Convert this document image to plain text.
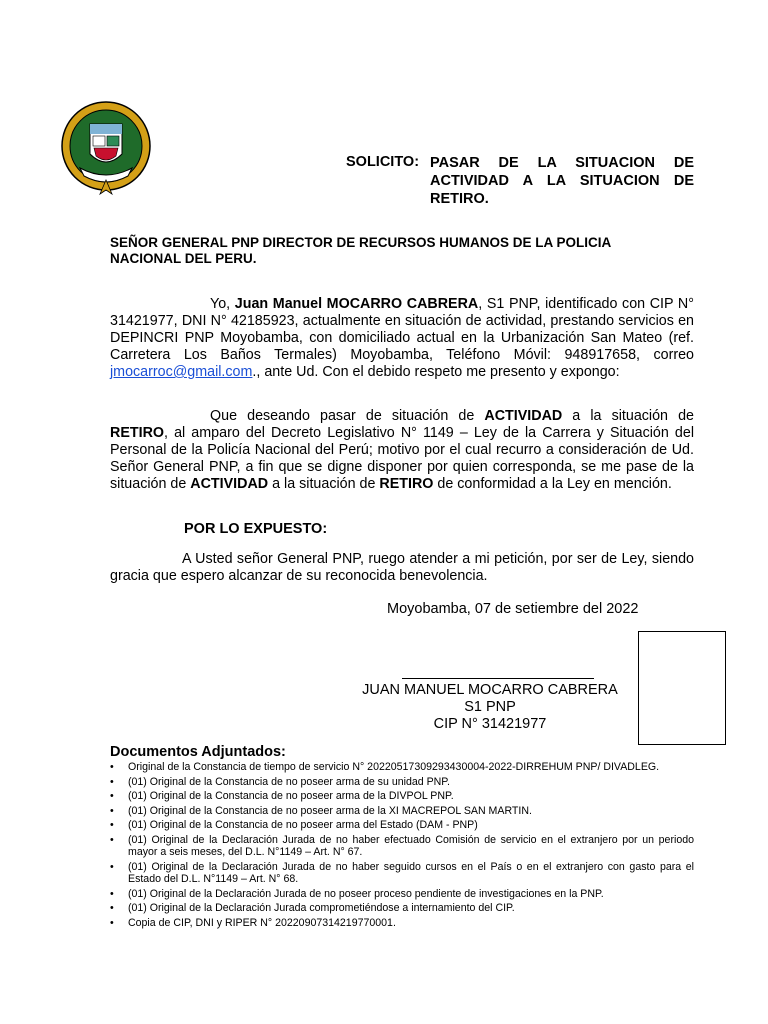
SOLICITO: PASAR DE LA SITUACION DE ACTIVIDAD A LA SITUACION DE RETIRO.
SEÑOR GENERAL PNP DIRECTOR DE RECURSOS HUMANOS DE LA POLICIA NACIONAL DEL PERU.
Yo, Juan Manuel MOCARRO CABRERA, S1 PNP, identificado con CIP N° 31421977, DNI N° 42185923, actualmente en situación de actividad, prestando servicios en DEPINCRI PNP Moyobamba, con domiciliado actual en la Urbanización San Mateo (ref. Carretera Los Baños Termales) Moyobamba, Teléfono Móvil: 948917658, correo jmocarroc@gmail.com., ante Ud. Con el debido respeto me presento y expongo:
Que deseando pasar de situación de ACTIVIDAD a la situación de RETIRO, al amparo del Decreto Legislativo N° 1149 – Ley de la Carrera y Situación del Personal de la Policía Nacional del Perú; motivo por el cual recurro a consideración de Ud. Señor General PNP, a fin que se digne disponer por quien corresponda, se me pase de la situación de ACTIVIDAD a la situación de RETIRO de conformidad a la Ley en mención.
POR LO EXPUESTO:
A Usted señor General PNP, ruego atender a mi petición, por ser de Ley, siendo gracia que espero alcanzar de su reconocida benevolencia.
Moyobamba, 07 de setiembre del 2022
JUAN MANUEL MOCARRO CABRERA
S1 PNP
CIP N° 31421977
Documentos Adjuntados:
• Original de la Constancia de tiempo de servicio N° 20220517309293430004-2022-DIRREHUM PNP/ DIVADLEG.
• (01) Original de la Constancia de no poseer arma de su unidad PNP.
• (01) Original de la Constancia de no poseer arma de la DIVPOL PNP.
• (01) Original de la Constancia de no poseer arma de la XI MACREPOL SAN MARTIN.
• (01) Original de la Constancia de no poseer arma del Estado (DAM - PNP)
• (01) Original de la Declaración Jurada de no haber efectuado Comisión de servicio en el extranjero por un periodo mayor a seis meses, del D.L. N°1149 – Art. N° 67.
• (01) Original de la Declaración Jurada de no haber seguido cursos en el País o en el extranjero con gasto para el Estado del D.L. N°1149 – Art. N° 68.
• (01) Original de la Declaración Jurada de no poseer proceso pendiente de investigaciones en la PNP.
• (01) Original de la Declaración Jurada comprometiéndose a internamiento del CIP.
• Copia de CIP, DNI y RIPER N° 20220907314219770001.
